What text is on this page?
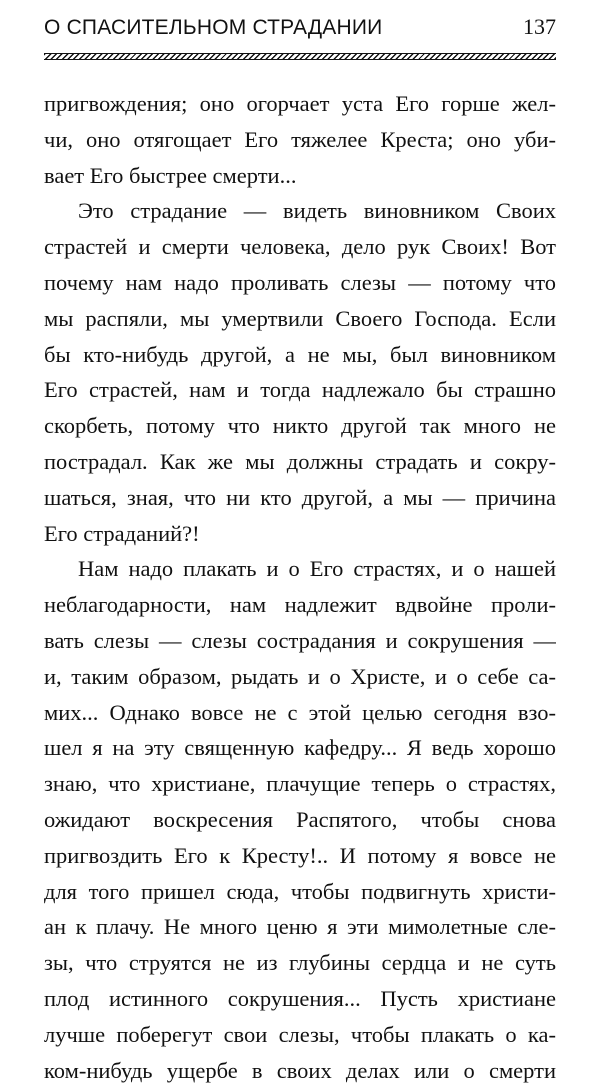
О СПАСИТЕЛЬНОМ СТРАДАНИИ	137
пригвождения; оно огорчает уста Его горше жел-
чи, оно отягощает Его тяжелее Креста; оно уби-
вает Его быстрее смерти...
Это страдание — видеть виновником Своих
страстей и смерти человека, дело рук Своих! Вот
почему нам надо проливать слезы — потому что
мы распяли, мы умертвили Своего Господа. Если
бы кто-нибудь другой, а не мы, был виновником
Его страстей, нам и тогда надлежало бы страшно
скорбеть, потому что никто другой так много не
пострадал. Как же мы должны страдать и сокру-
шаться, зная, что ни кто другой, а мы — причина
Его страданий?!
Нам надо плакать и о Его страстях, и о нашей
неблагодарности, нам надлежит вдвойне проли-
вать слезы — слезы сострадания и сокрушения —
и, таким образом, рыдать и о Христе, и о себе са-
мих... Однако вовсе не с этой целью сегодня взо-
шел я на эту священную кафедру... Я ведь хорошо
знаю, что христиане, плачущие теперь о страстях,
ожидают воскресения Распятого, чтобы снова
пригвоздить Его к Кресту!.. И потому я вовсе не
для того пришел сюда, чтобы подвигнуть христи-
ан к плачу. Не много ценю я эти мимолетные сле-
зы, что струятся не из глубины сердца и не суть
плод истинного сокрушения... Пусть христиане
лучше поберегут свои слезы, чтобы плакать о ка-
ком-нибудь ущербе в своих делах или о смерти
